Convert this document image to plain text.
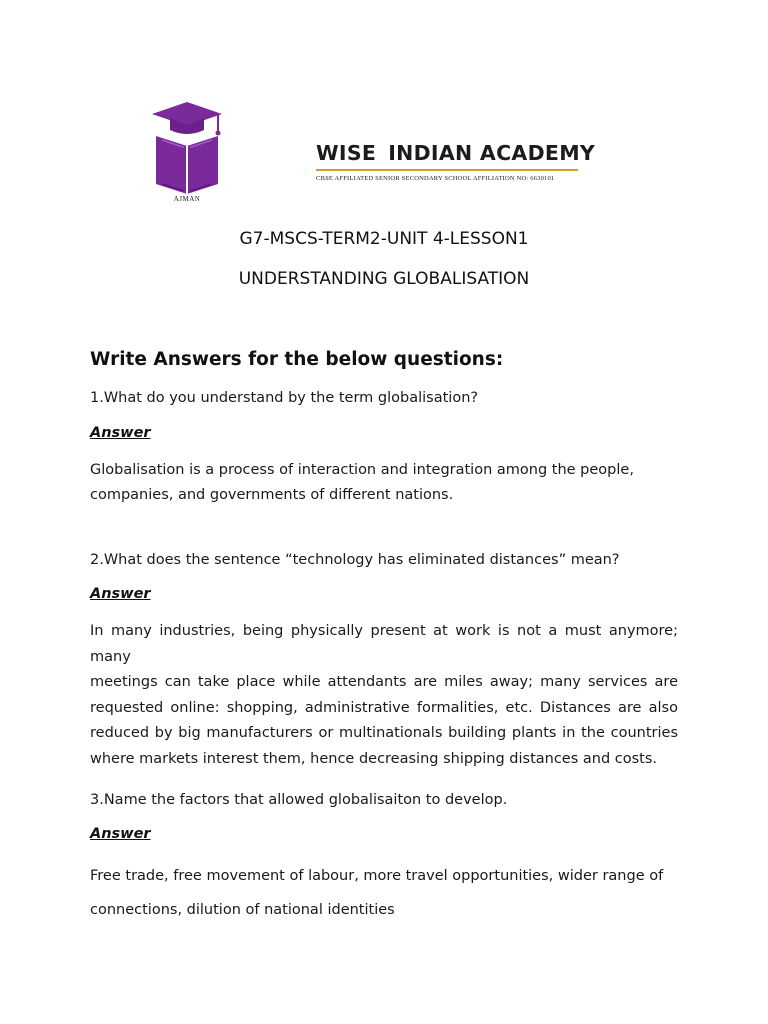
AJMAN
WISE INDIAN ACADEMY
CBSE AFFILIATED SENIOR SECONDARY SCHOOL AFFILIATION NO: 6630101
G7-MSCS-TERM2-UNIT 4-LESSON1
UNDERSTANDING GLOBALISATION
Write Answers for the below questions:
1.What do you understand by the term globalisation?
Answer
Globalisation is a process of interaction and integration among the people,
companies, and governments of different nations.
2.What does the sentence “technology has eliminated distances” mean?
Answer
In many industries, being physically present at work is not a must anymore; many
meetings can take place while attendants are miles away; many services are
requested online: shopping, administrative formalities, etc. Distances are also
reduced by big manufacturers or multinationals building plants in the countries
where markets interest them, hence decreasing shipping distances and costs.
3.Name the factors that allowed globalisaiton to develop.
Answer
Free trade, free movement of labour, more travel opportunities, wider range of
connections, dilution of national identities
